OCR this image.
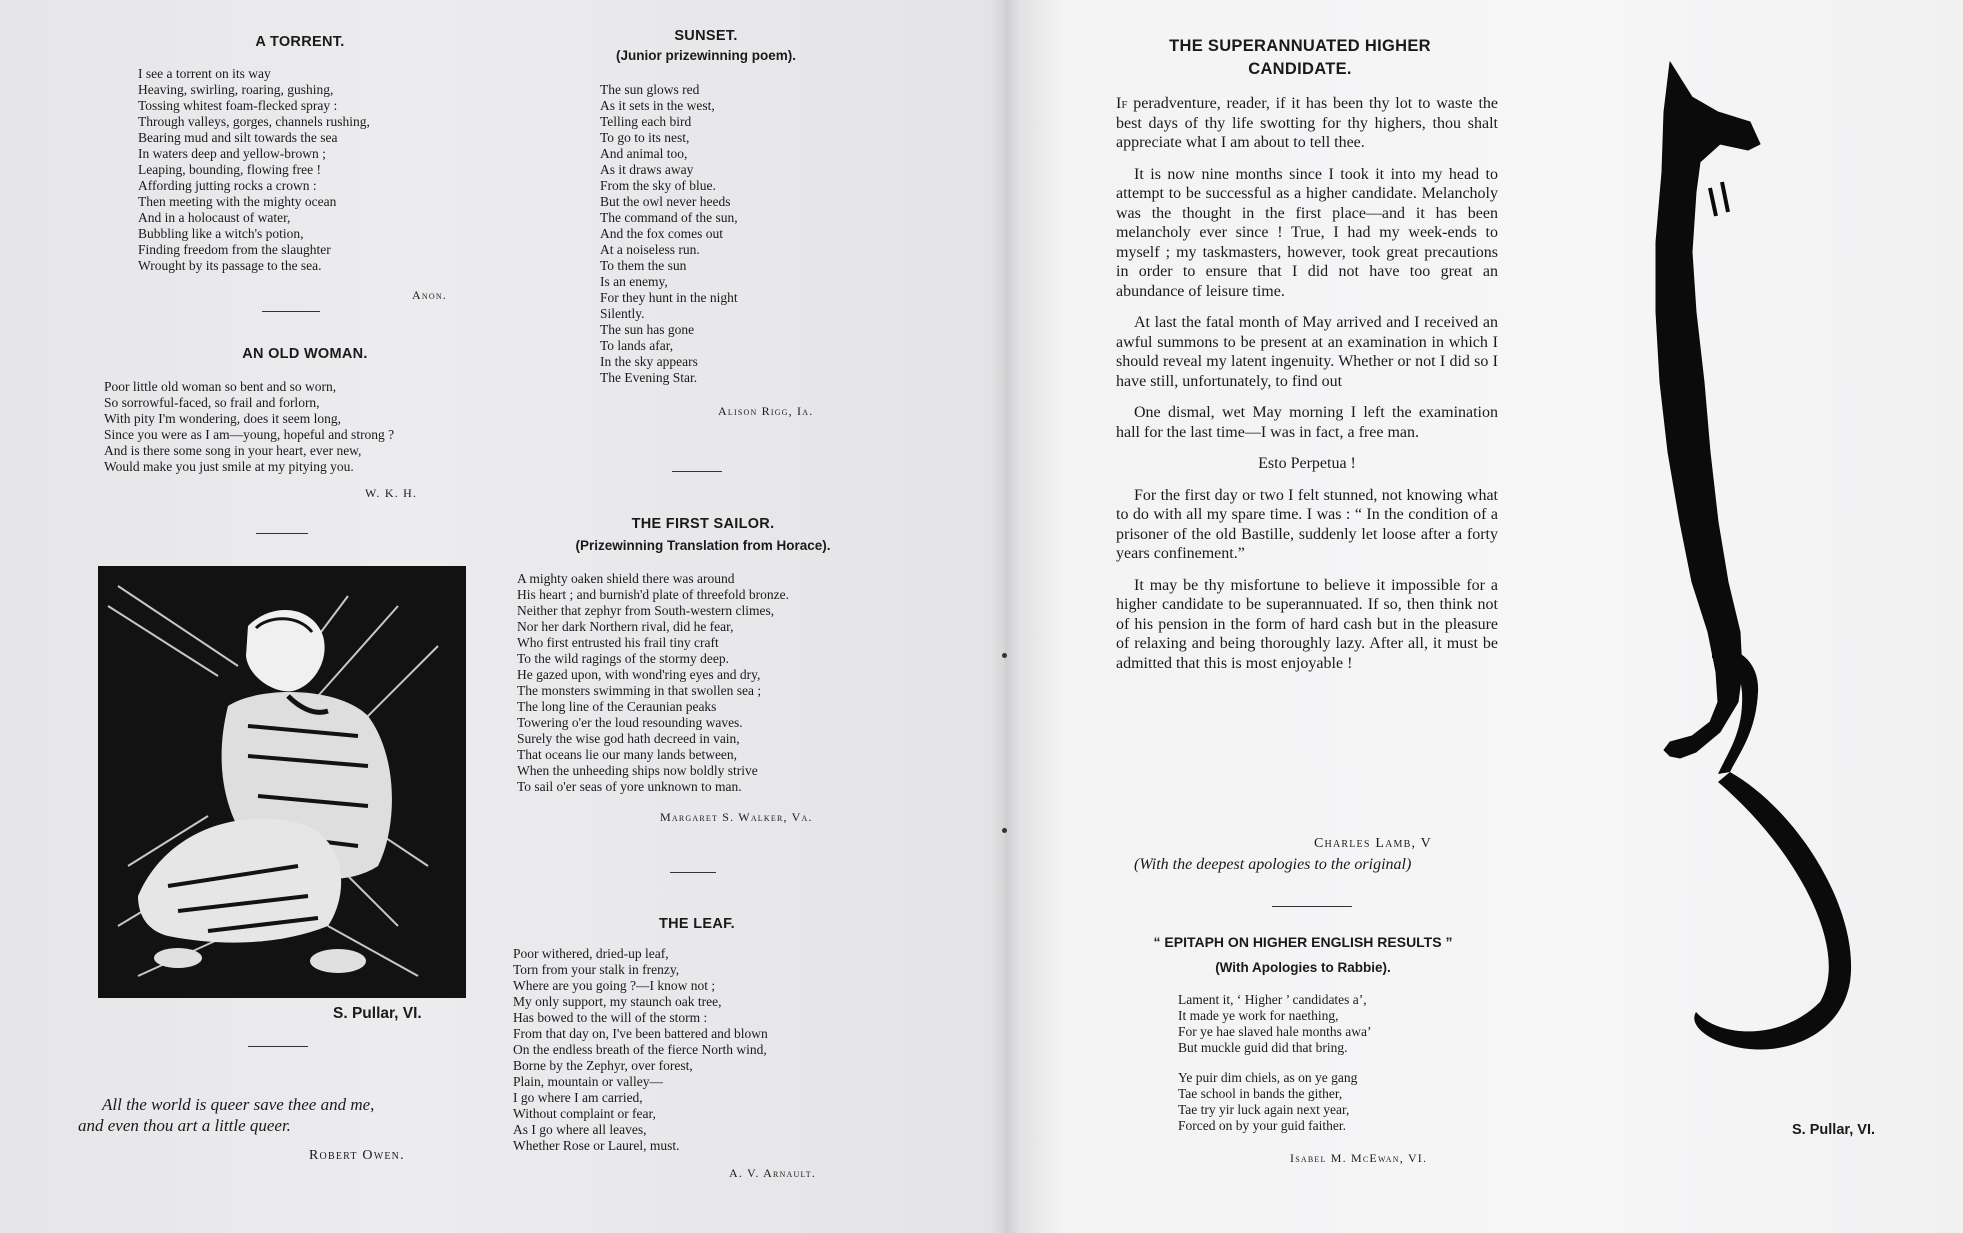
A TORRENT.
I see a torrent on its way
Heaving, swirling, roaring, gushing,
Tossing whitest foam-flecked spray :
Through valleys, gorges, channels rushing,
Bearing mud and silt towards the sea
In waters deep and yellow-brown ;
Leaping, bounding, flowing free !
Affording jutting rocks a crown :
Then meeting with the mighty ocean
And in a holocaust of water,
Bubbling like a witch's potion,
Finding freedom from the slaughter
Wrought by its passage to the sea.
Anon.
AN OLD WOMAN.
Poor little old woman so bent and so worn,
So sorrowful-faced, so frail and forlorn,
With pity I'm wondering, does it seem long,
Since you were as I am—young, hopeful and strong ?
And is there some song in your heart, ever new,
Would make you just smile at my pitying you.
W. K. H.
S. Pullar, VI.
All the world is queer save thee and me,
and even thou art a little queer.
Robert Owen.
SUNSET.
(Junior prizewinning poem).
The sun glows red
As it sets in the west,
Telling each bird
To go to its nest,
And animal too,
As it draws away
From the sky of blue.
But the owl never heeds
The command of the sun,
And the fox comes out
At a noiseless run.
To them the sun
Is an enemy,
For they hunt in the night
Silently.
The sun has gone
To lands afar,
In the sky appears
The Evening Star.
Alison Rigg, Ia.
THE FIRST SAILOR.
(Prizewinning Translation from Horace).
A mighty oaken shield there was around
His heart ; and burnish'd plate of threefold bronze.
Neither that zephyr from South-western climes,
Nor her dark Northern rival, did he fear,
Who first entrusted his frail tiny craft
To the wild ragings of the stormy deep.
He gazed upon, with wond'ring eyes and dry,
The monsters swimming in that swollen sea ;
The long line of the Ceraunian peaks
Towering o'er the loud resounding waves.
Surely the wise god hath decreed in vain,
That oceans lie our many lands between,
When the unheeding ships now boldly strive
To sail o'er seas of yore unknown to man.
Margaret S. Walker, Va.
THE LEAF.
Poor withered, dried-up leaf,
Torn from your stalk in frenzy,
Where are you going ?—I know not ;
My only support, my staunch oak tree,
Has bowed to the will of the storm :
From that day on, I've been battered and blown
On the endless breath of the fierce North wind,
Borne by the Zephyr, over forest,
Plain, mountain or valley—
I go where I am carried,
Without complaint or fear,
As I go where all leaves,
Whether Rose or Laurel, must.
A. V. Arnault.
THE SUPERANNUATED HIGHER
CANDIDATE.

If peradventure, reader, if it has been thy lot to waste the best days of thy life swotting for thy highers, thou shalt appreciate what I am about to tell thee.

It is now nine months since I took it into my head to attempt to be successful as a higher candidate. Melancholy was the thought in the first place—and it has been melancholy ever since ! True, I had my week-ends to myself ; my taskmasters, however, took great precautions in order to ensure that I did not have too great an abundance of leisure time.

At last the fatal month of May arrived and I received an awful summons to be present at an examination in which I should reveal my latent ingenuity. Whether or not I did so I have still, unfortunately, to find out

One dismal, wet May morning I left the examination hall for the last time—I was in fact, a free man.

Esto Perpetua !

For the first day or two I felt stunned, not knowing what to do with all my spare time. I was : “ In the condition of a prisoner of the old Bastille, suddenly let loose after a forty years confinement.”

It may be thy misfortune to believe it impossible for a higher candidate to be superannuated. If so, then think not of his pension in the form of hard cash but in the pleasure of relaxing and being thoroughly lazy. After all, it must be admitted that this is most enjoyable !

Charles Lamb, V
(With the deepest apologies to the original)
“ EPITAPH ON HIGHER ENGLISH RESULTS ”
(With Apologies to Rabbie).
Lament it, ‘ Higher ’ candidates a’,
It made ye work for naething,
For ye hae slaved hale months awa’
But muckle guid did that bring.
Ye puir dim chiels, as on ye gang
Tae school in bands the gither,
Tae try yir luck again next year,
Forced on by your guid faither.
Isabel M. McEwan, VI.
S. Pullar, VI.
